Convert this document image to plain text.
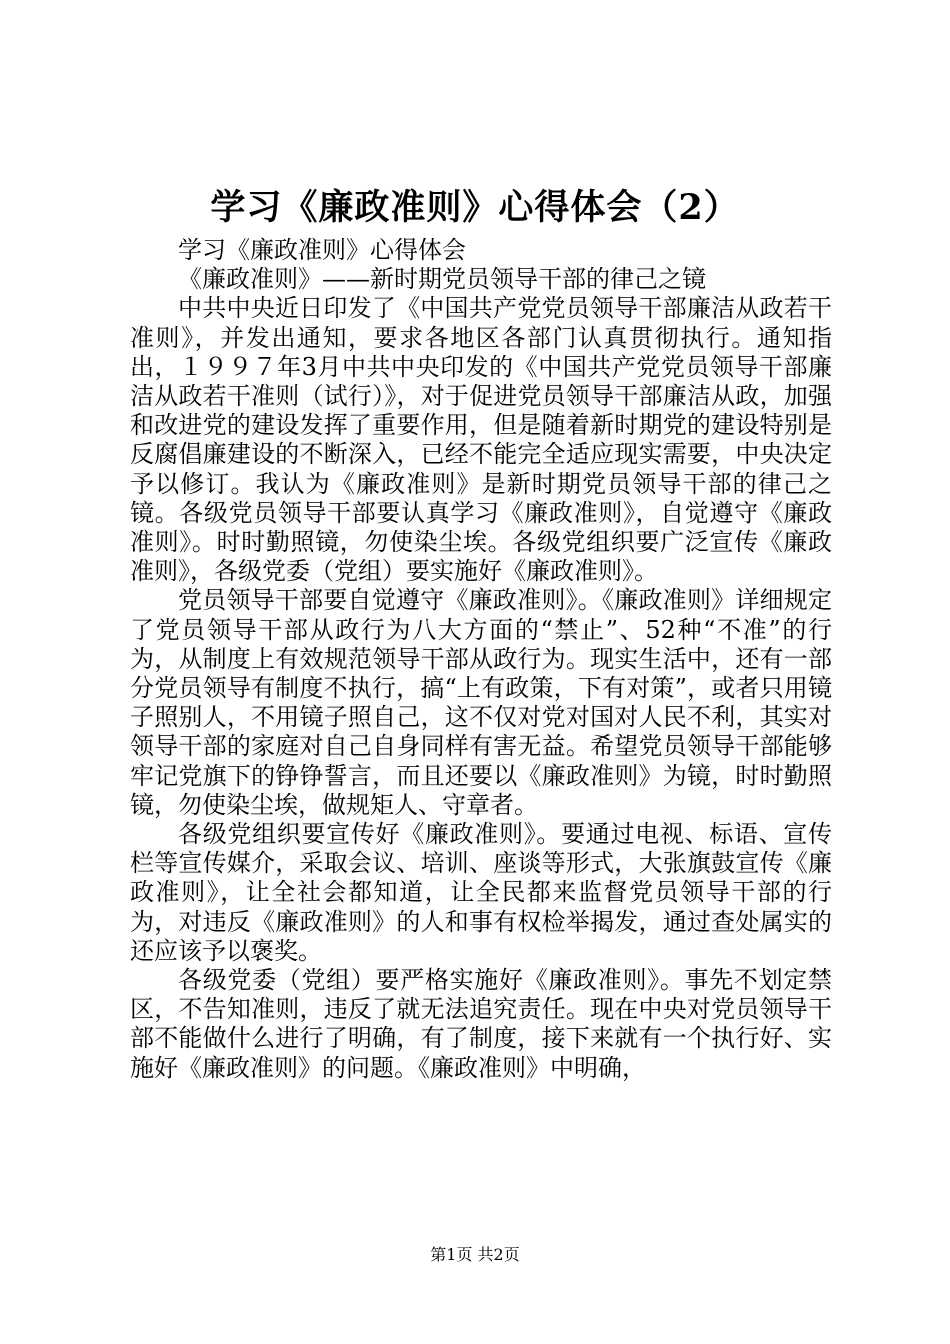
学习《廉政准则》心得体会（2）

学习《廉政准则》心得体会

《廉政准则》——新时期党员领导干部的律己之镜

中共中央近日印发了《中国共产党党员领导干部廉洁从政若干准则》，并发出通知，要求各地区各部门认真贯彻执行。通知指出，１９９７年3月中共中央印发的《中国共产党党员领导干部廉洁从政若干准则（试行）》，对于促进党员领导干部廉洁从政，加强和改进党的建设发挥了重要作用，但是随着新时期党的建设特别是反腐倡廉建设的不断深入，已经不能完全适应现实需要，中央决定予以修订。我认为《廉政准则》是新时期党员领导干部的律己之镜。各级党员领导干部要认真学习《廉政准则》，自觉遵守《廉政准则》。时时勤照镜，勿使染尘埃。各级党组织要广泛宣传《廉政准则》，各级党委（党组）要实施好《廉政准则》。

党员领导干部要自觉遵守《廉政准则》。《廉政准则》详细规定了党员领导干部从政行为八大方面的“禁止”、52种“不准”的行为，从制度上有效规范领导干部从政行为。现实生活中，还有一部分党员领导有制度不执行，搞“上有政策，下有对策”，或者只用镜子照别人，不用镜子照自己，这不仅对党对国对人民不利，其实对领导干部的家庭对自己自身同样有害无益。希望党员领导干部能够牢记党旗下的铮铮誓言，而且还要以《廉政准则》为镜，时时勤照镜，勿使染尘埃，做规矩人、守章者。

各级党组织要宣传好《廉政准则》。要通过电视、标语、宣传栏等宣传媒介，采取会议、培训、座谈等形式，大张旗鼓宣传《廉政准则》，让全社会都知道，让全民都来监督党员领导干部的行为，对违反《廉政准则》的人和事有权检举揭发，通过查处属实的还应该予以褒奖。

各级党委（党组）要严格实施好《廉政准则》。事先不划定禁区，不告知准则，违反了就无法追究责任。现在中央对党员领导干部不能做什么进行了明确，有了制度，接下来就有一个执行好、实施好《廉政准则》的问题。《廉政准则》中明确，

第1页 共2页
